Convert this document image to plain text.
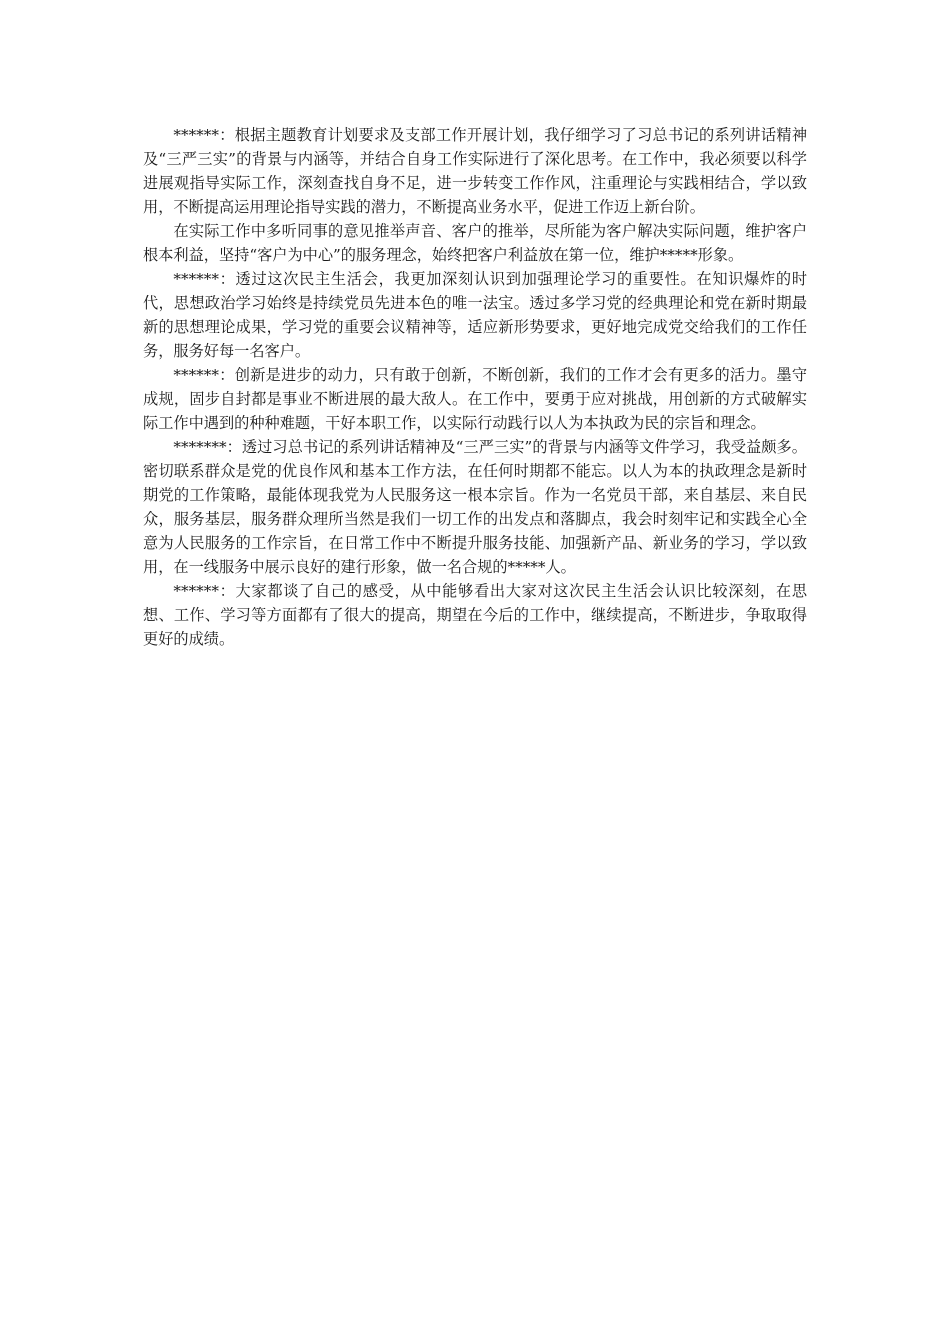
******：根据主题教育计划要求及支部工作开展计划，我仔细学习了习总书记的系列讲话精神及“三严三实”的背景与内涵等，并结合自身工作实际进行了深化思考。在工作中，我必须要以科学进展观指导实际工作，深刻查找自身不足，进一步转变工作作风，注重理论与实践相结合，学以致用，不断提高运用理论指导实践的潜力，不断提高业务水平，促进工作迈上新台阶。

在实际工作中多听同事的意见推举声音、客户的推举，尽所能为客户解决实际问题，维护客户根本利益，坚持“客户为中心”的服务理念，始终把客户利益放在第一位，维护*****形象。

******：透过这次民主生活会，我更加深刻认识到加强理论学习的重要性。在知识爆炸的时代，思想政治学习始终是持续党员先进本色的唯一法宝。透过多学习党的经典理论和党在新时期最新的思想理论成果，学习党的重要会议精神等，适应新形势要求，更好地完成党交给我们的工作任务，服务好每一名客户。

******：创新是进步的动力，只有敢于创新，不断创新，我们的工作才会有更多的活力。墨守成规，固步自封都是事业不断进展的最大敌人。在工作中，要勇于应对挑战，用创新的方式破解实际工作中遇到的种种难题，干好本职工作，以实际行动践行以人为本执政为民的宗旨和理念。

*******：透过习总书记的系列讲话精神及“三严三实”的背景与内涵等文件学习，我受益颇多。密切联系群众是党的优良作风和基本工作方法，在任何时期都不能忘。以人为本的执政理念是新时期党的工作策略，最能体现我党为人民服务这一根本宗旨。作为一名党员干部，来自基层、来自民众，服务基层，服务群众理所当然是我们一切工作的出发点和落脚点，我会时刻牢记和实践全心全意为人民服务的工作宗旨，在日常工作中不断提升服务技能、加强新产品、新业务的学习，学以致用，在一线服务中展示良好的建行形象，做一名合规的*****人。

******：大家都谈了自己的感受，从中能够看出大家对这次民主生活会认识比较深刻，在思想、工作、学习等方面都有了很大的提高，期望在今后的工作中，继续提高，不断进步，争取取得更好的成绩。
